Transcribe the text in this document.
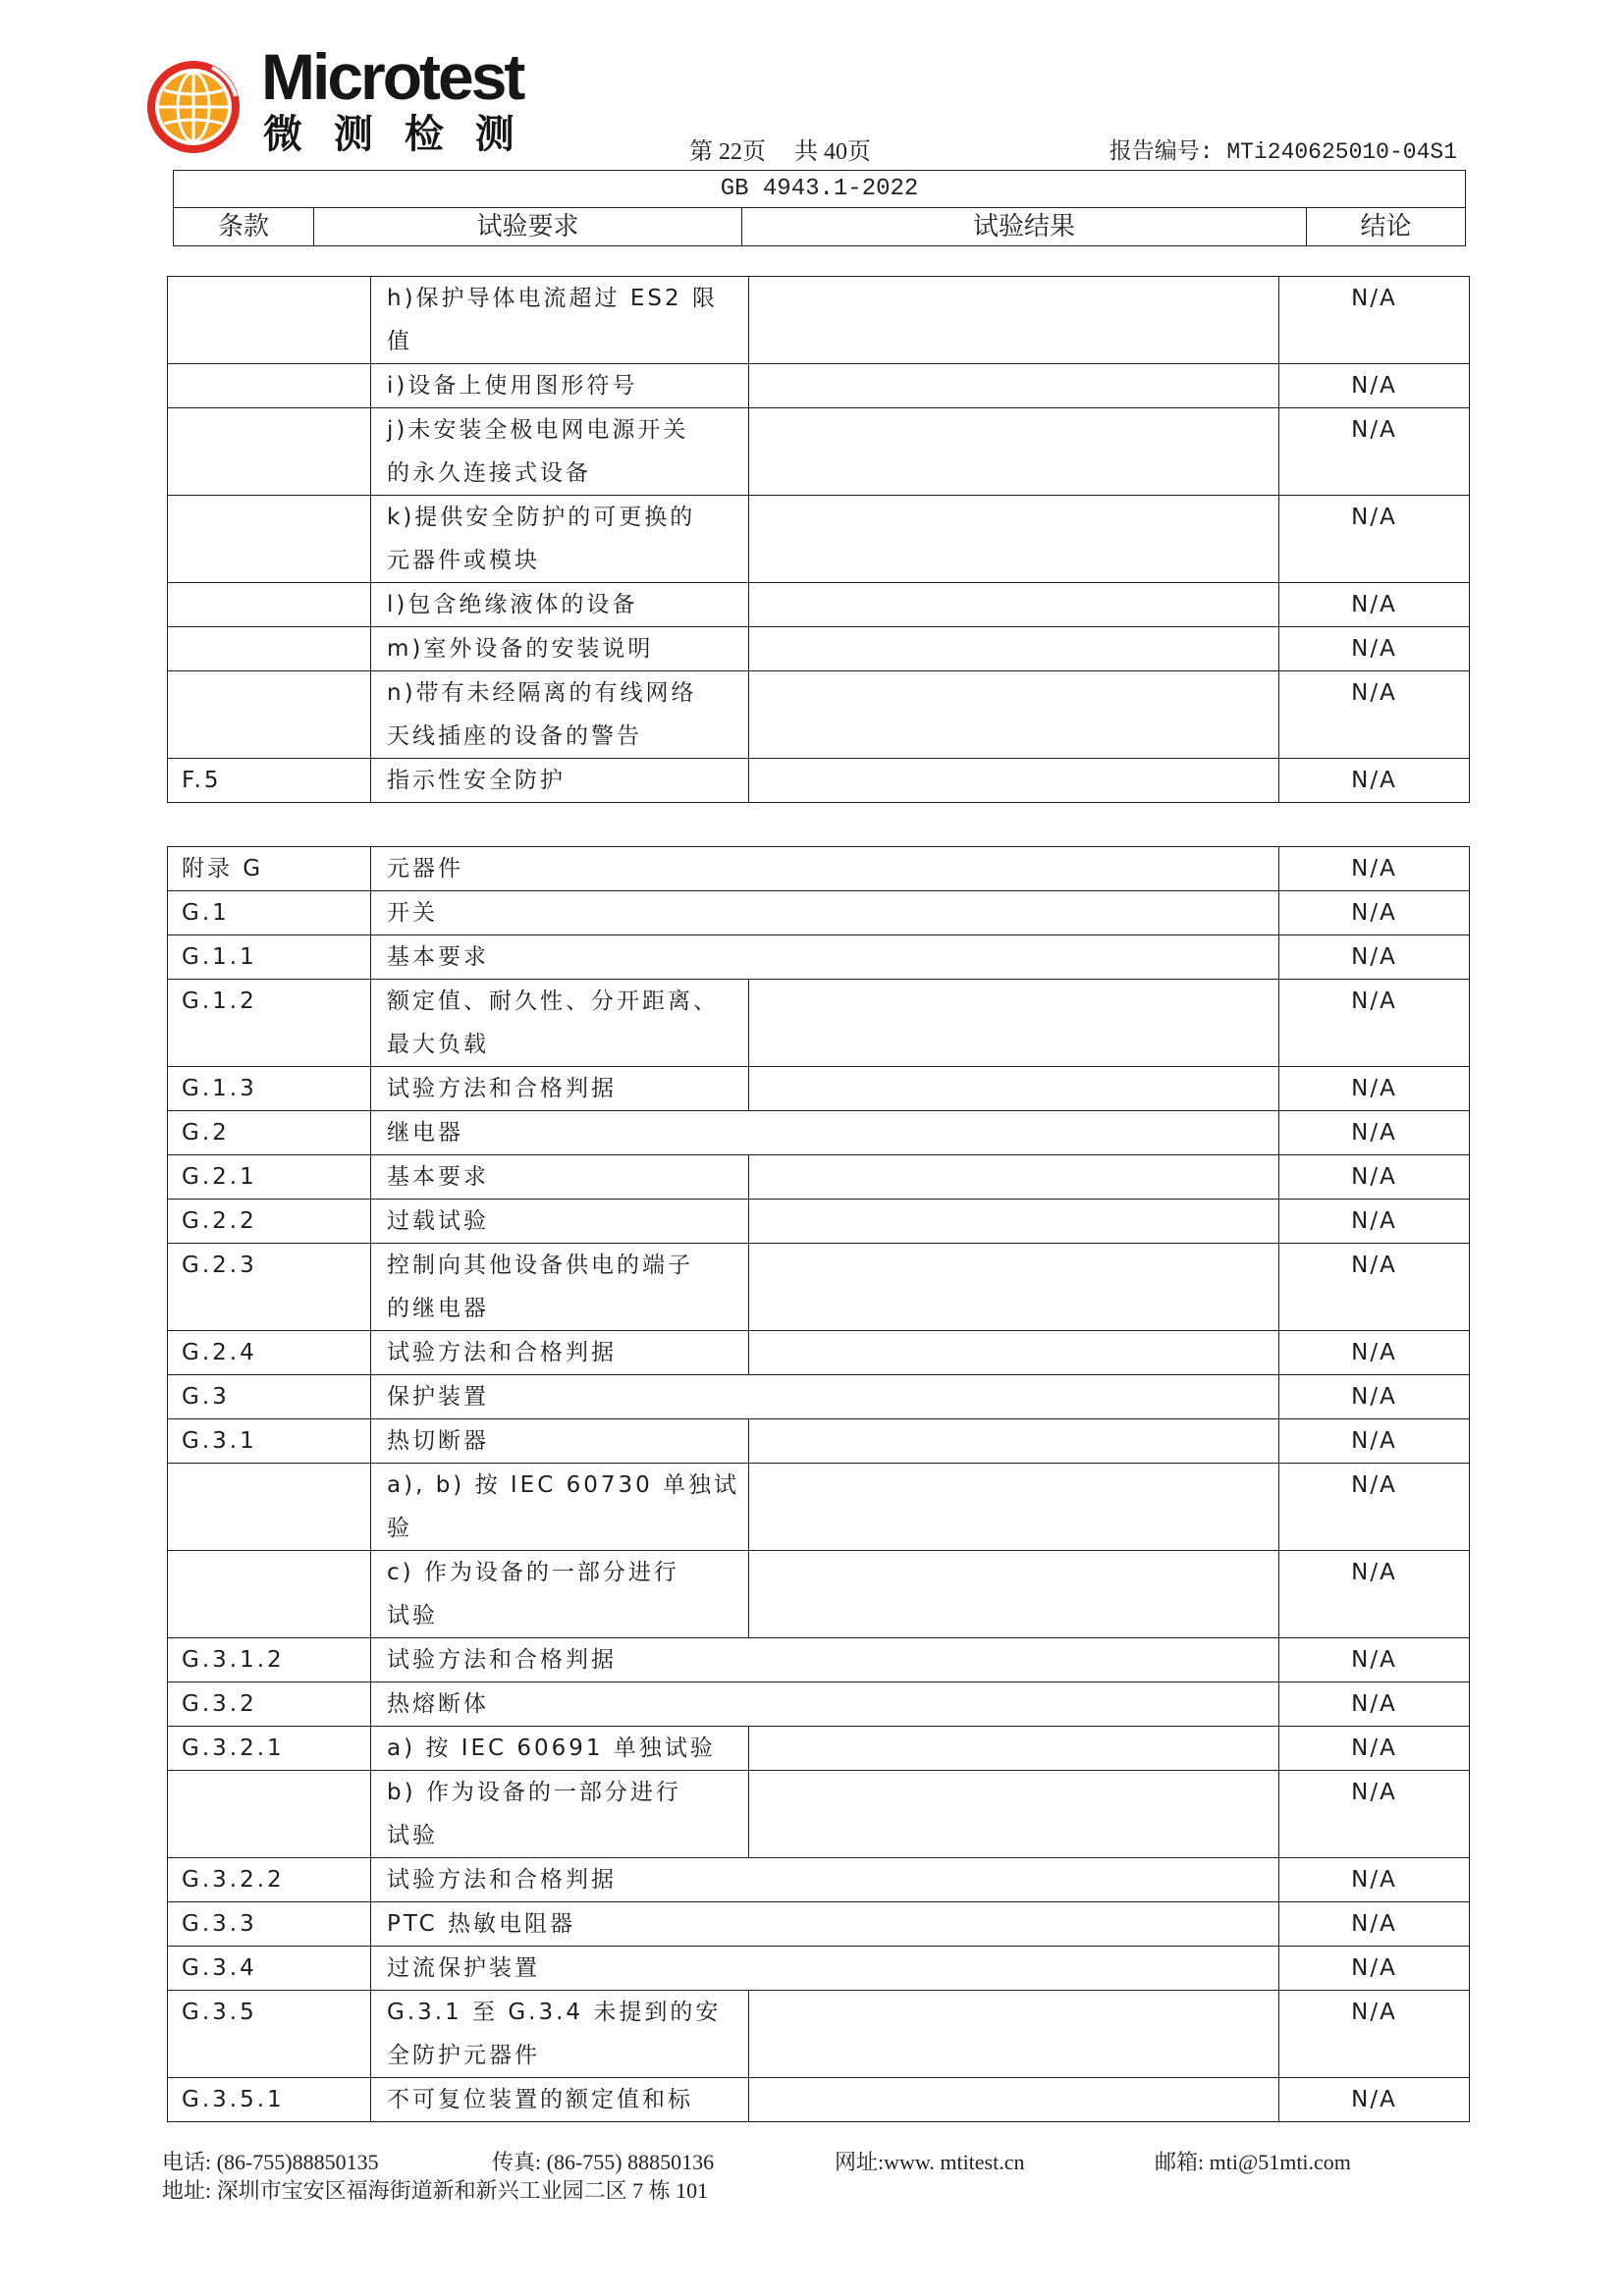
Microtest
微 测 检 测	第 22页 共 40页	报告编号: MTi240625010-04S1
GB 4943.1-2022
条款	试验要求	试验结果	结论

	h)保护导体电流超过 ES2 限
值		N/A

	i)设备上使用图形符号		N/A

	j)未安装全极电网电源开关
的永久连接式设备		N/A

	k)提供安全防护的可更换的
元器件或模块		N/A

	l)包含绝缘液体的设备		N/A

	m)室外设备的安装说明		N/A

	n)带有未经隔离的有线网络
天线插座的设备的警告		N/A
F.5	指示性安全防护		N/A
附录 G	元器件		N/A
G.1	开关		N/A
G.1.1	基本要求		N/A
G.1.2	额定值、耐久性、分开距离、
最大负载		N/A
G.1.3	试验方法和合格判据		N/A
G.2	继电器		N/A
G.2.1	基本要求		N/A
G.2.2	过载试验		N/A
G.2.3	控制向其他设备供电的端子
的继电器		N/A
G.2.4	试验方法和合格判据		N/A
G.3	保护装置		N/A
G.3.1	热切断器		N/A

	a), b) 按 IEC 60730 单独试
验		N/A

	c) 作为设备的一部分进行
试验		N/A
G.3.1.2	试验方法和合格判据		N/A
G.3.2	热熔断体		N/A
G.3.2.1	a) 按 IEC 60691 单独试验		N/A

	b) 作为设备的一部分进行
试验		N/A
G.3.2.2	试验方法和合格判据		N/A
G.3.3	PTC 热敏电阻器		N/A
G.3.4	过流保护装置		N/A
G.3.5	G.3.1 至 G.3.4 未提到的安
全防护元器件		N/A
G.3.5.1	不可复位装置的额定值和标		N/A
电话: (86-755)88850135	传真: (86-755) 88850136	网址:www. mtitest.cn	邮箱: mti@51mti.com
地址: 深圳市宝安区福海街道新和新兴工业园二区 7 栋 101
